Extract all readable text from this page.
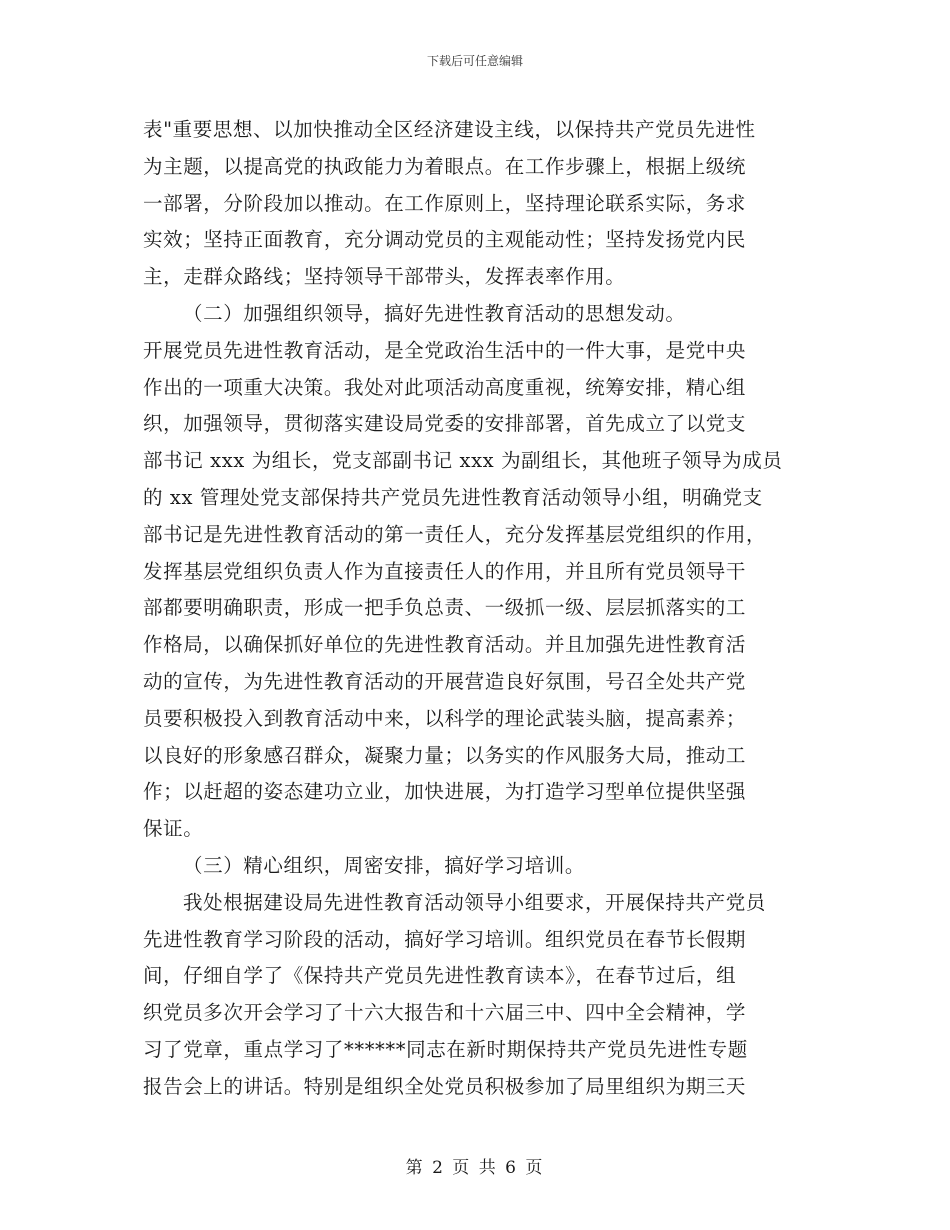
下载后可任意编辑
表"重要思想、以加快推动全区经济建设主线，以保持共产党员先进性
为主题，以提高党的执政能力为着眼点。在工作步骤上，根据上级统
一部署，分阶段加以推动。在工作原则上，坚持理论联系实际，务求
实效；坚持正面教育，充分调动党员的主观能动性；坚持发扬党内民
主，走群众路线；坚持领导干部带头，发挥表率作用。
（二）加强组织领导，搞好先进性教育活动的思想发动。
开展党员先进性教育活动，是全党政治生活中的一件大事，是党中央
作出的一项重大决策。我处对此项活动高度重视，统筹安排，精心组
织，加强领导，贯彻落实建设局党委的安排部署，首先成立了以党支
部书记 xxx 为组长，党支部副书记 xxx 为副组长，其他班子领导为成员
的 xx 管理处党支部保持共产党员先进性教育活动领导小组，明确党支
部书记是先进性教育活动的第一责任人，充分发挥基层党组织的作用，
发挥基层党组织负责人作为直接责任人的作用，并且所有党员领导干
部都要明确职责，形成一把手负总责、一级抓一级、层层抓落实的工
作格局，以确保抓好单位的先进性教育活动。并且加强先进性教育活
动的宣传，为先进性教育活动的开展营造良好氛围，号召全处共产党
员要积极投入到教育活动中来，以科学的理论武装头脑，提高素养；
以良好的形象感召群众，凝聚力量；以务实的作风服务大局，推动工
作；以赶超的姿态建功立业，加快进展，为打造学习型单位提供坚强
保证。
（三）精心组织，周密安排，搞好学习培训。
我处根据建设局先进性教育活动领导小组要求，开展保持共产党员
先进性教育学习阶段的活动，搞好学习培训。组织党员在春节长假期
间，仔细自学了《保持共产党员先进性教育读本》，在春节过后，组
织党员多次开会学习了十六大报告和十六届三中、四中全会精神，学
习了党章，重点学习了******同志在新时期保持共产党员先进性专题
报告会上的讲话。特别是组织全处党员积极参加了局里组织为期三天
第 2 页 共 6 页
